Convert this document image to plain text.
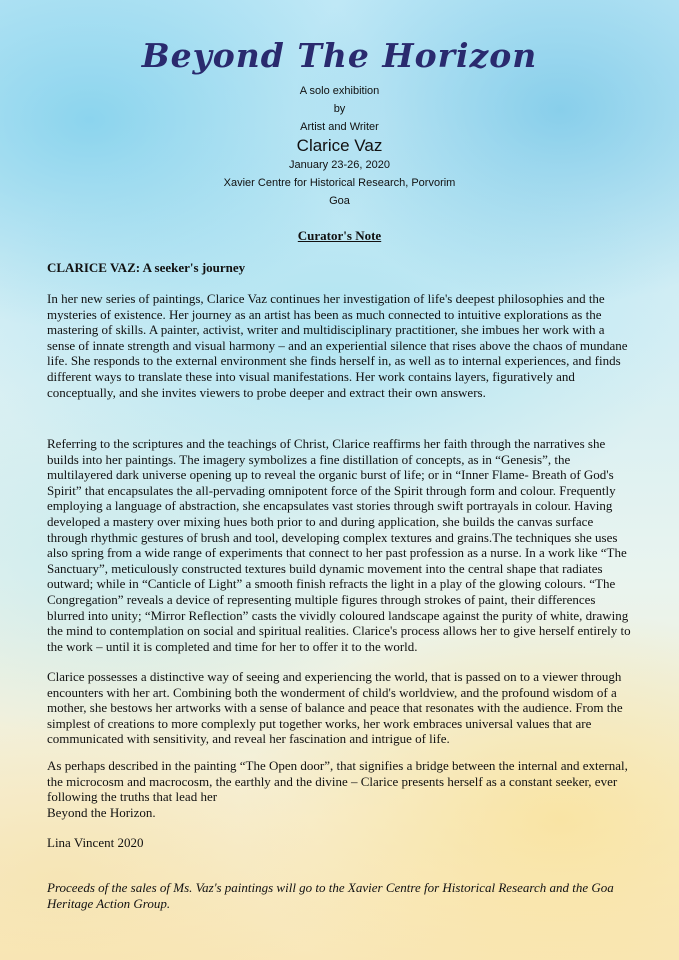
Beyond The Horizon
A solo exhibition
by
Artist and Writer
Clarice Vaz
January 23-26, 2020
Xavier Centre for Historical Research, Porvorim
Goa
Curator's Note
CLARICE VAZ: A seeker's journey
In her new series of paintings, Clarice Vaz continues her investigation of life's deepest philosophies and the mysteries of existence. Her journey as an artist has been as much connected to intuitive explorations as the mastering of skills. A painter, activist, writer and multidisciplinary practitioner, she imbues her work with a sense of innate strength and visual harmony – and an experiential silence that rises above the chaos of mundane life. She responds to the external environment she finds herself in, as well as to internal experiences, and finds different ways to translate these into visual manifestations. Her work contains layers, figuratively and conceptually, and she invites viewers to probe deeper and extract their own answers.
Referring to the scriptures and the teachings of Christ, Clarice reaffirms her faith through the narratives she builds into her paintings. The imagery symbolizes a fine distillation of concepts, as in “Genesis”, the multilayered dark universe opening up to reveal the organic burst of life; or in “Inner Flame- Breath of God's Spirit” that encapsulates the all-pervading omnipotent force of the Spirit through form and colour. Frequently employing a language of abstraction, she encapsulates vast stories through swift portrayals in colour. Having developed a mastery over mixing hues both prior to and during application, she builds the canvas surface through rhythmic gestures of brush and tool, developing complex textures and grains.The techniques she uses also spring from a wide range of experiments that connect to her past profession as a nurse. In a work like “The Sanctuary”, meticulously constructed textures build dynamic movement into the central shape that radiates outward; while in “Canticle of Light” a smooth finish refracts the light in a play of the glowing colours. “The Congregation” reveals a device of representing multiple figures through strokes of paint, their differences blurred into unity; “Mirror Reflection” casts the vividly coloured landscape against the purity of white, drawing the mind to contemplation on social and spiritual realities. Clarice's process allows her to give herself entirely to the work – until it is completed and time for her to offer it to the world.
Clarice possesses a distinctive way of seeing and experiencing the world, that is passed on to a viewer through encounters with her art. Combining both the wonderment of child's worldview, and the profound wisdom of a mother, she bestows her artworks with a sense of balance and peace that resonates with the audience. From the simplest of creations to more complexly put together works, her work embraces universal values that are communicated with sensitivity, and reveal her fascination and intrigue of life.
As perhaps described in the painting “The Open door”, that signifies a bridge between the internal and external, the microcosm and macrocosm, the earthly and the divine – Clarice presents herself as a constant seeker, ever following the truths that lead her
Beyond the Horizon.
Lina Vincent 2020
Proceeds of the sales of Ms. Vaz's paintings will go to the Xavier Centre for Historical Research and the Goa Heritage Action Group.
